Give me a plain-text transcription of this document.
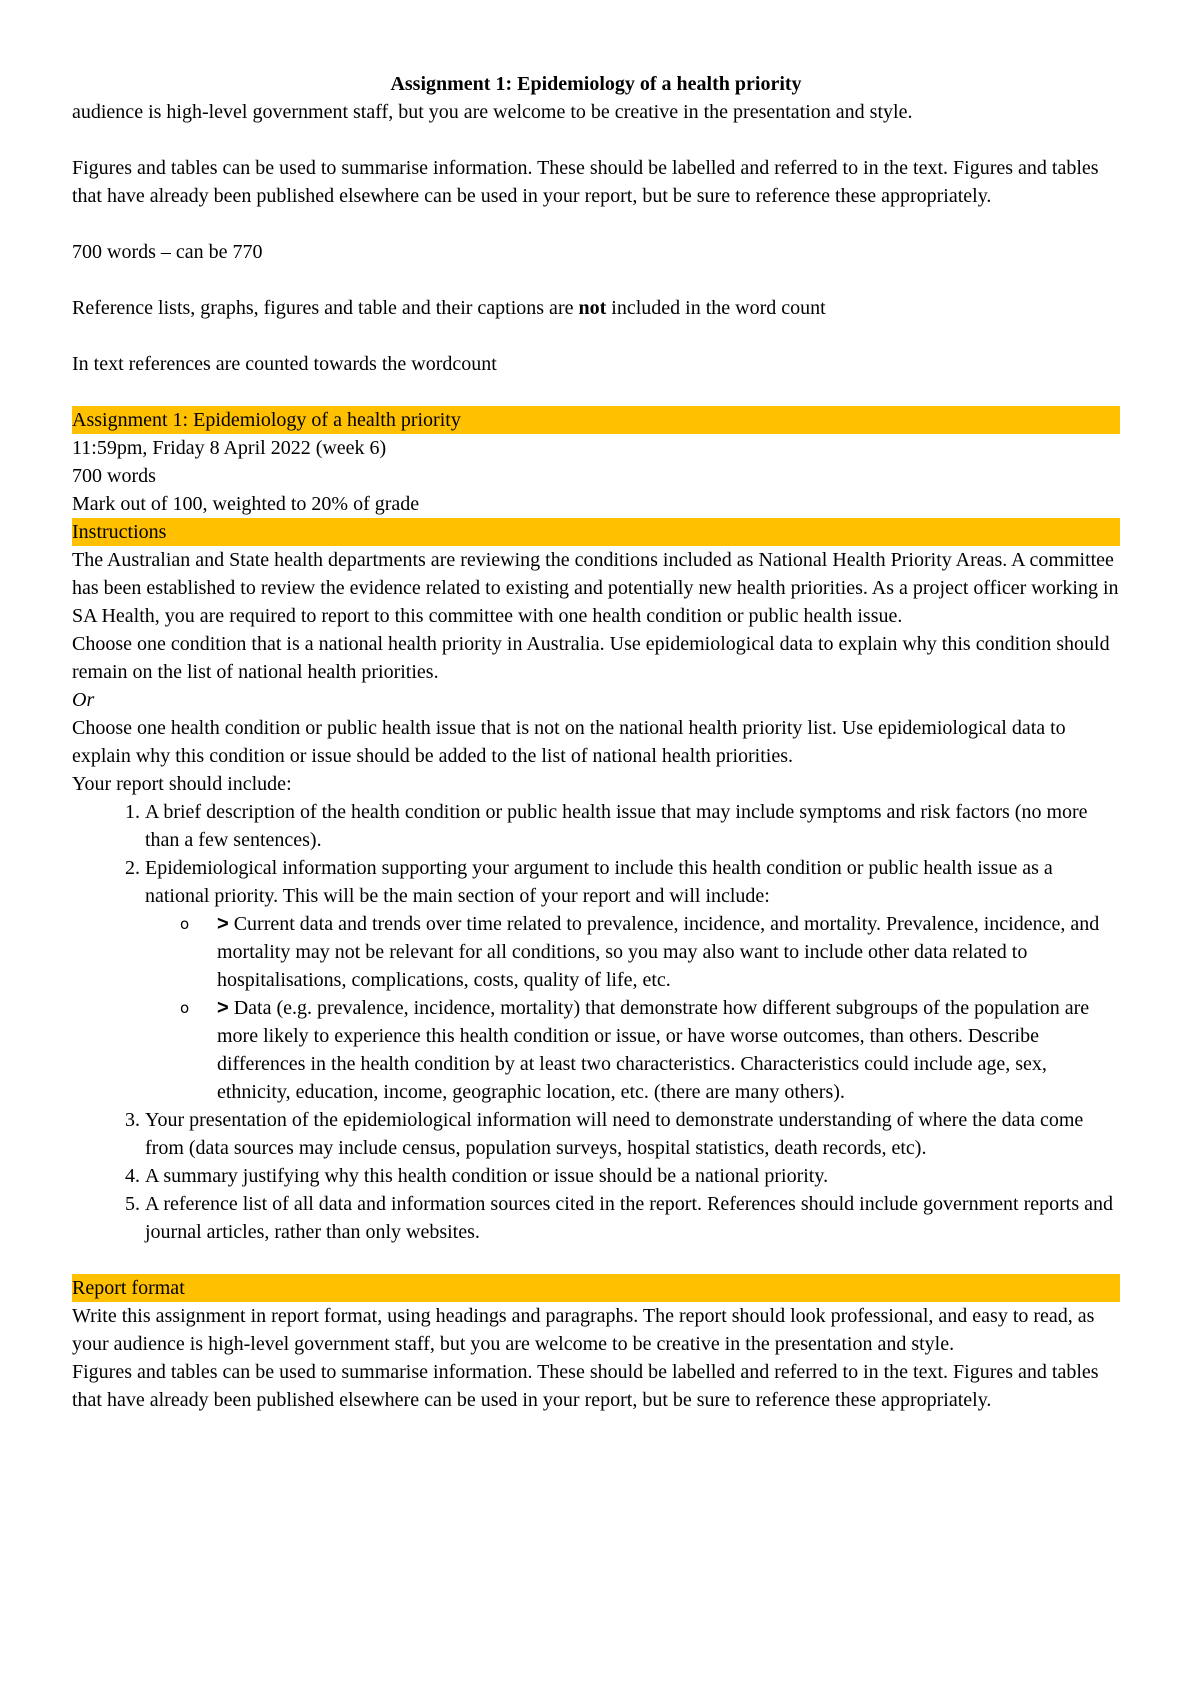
Assignment 1: Epidemiology of a health priority

audience is high-level government staff, but you are welcome to be creative in the presentation and style.

Figures and tables can be used to summarise information. These should be labelled and referred to in the text. Figures and tables that have already been published elsewhere can be used in your report, but be sure to reference these appropriately.

700 words – can be 770

Reference lists, graphs, figures and table and their captions are not included in the word count

In text references are counted towards the wordcount

Assignment 1: Epidemiology of a health priority

11:59pm, Friday 8 April 2022 (week 6)

700 words

Mark out of 100, weighted to 20% of grade

Instructions

The Australian and State health departments are reviewing the conditions included as National Health Priority Areas. A committee has been established to review the evidence related to existing and potentially new health priorities. As a project officer working in SA Health, you are required to report to this committee with one health condition or public health issue.

Choose one condition that is a national health priority in Australia. Use epidemiological data to explain why this condition should remain on the list of national health priorities.

Or

Choose one health condition or public health issue that is not on the national health priority list. Use epidemiological data to explain why this condition or issue should be added to the list of national health priorities.

Your report should include:

1. A brief description of the health condition or public health issue that may include symptoms and risk factors (no more than a few sentences).
2. Epidemiological information supporting your argument to include this health condition or public health issue as a national priority. This will be the main section of your report and will include:
o > Current data and trends over time related to prevalence, incidence, and mortality. Prevalence, incidence, and mortality may not be relevant for all conditions, so you may also want to include other data related to hospitalisations, complications, costs, quality of life, etc.
o > Data (e.g. prevalence, incidence, mortality) that demonstrate how different subgroups of the population are more likely to experience this health condition or issue, or have worse outcomes, than others. Describe differences in the health condition by at least two characteristics. Characteristics could include age, sex, ethnicity, education, income, geographic location, etc. (there are many others).
3. Your presentation of the epidemiological information will need to demonstrate understanding of where the data come from (data sources may include census, population surveys, hospital statistics, death records, etc).
4. A summary justifying why this health condition or issue should be a national priority.
5. A reference list of all data and information sources cited in the report. References should include government reports and journal articles, rather than only websites.
Report format

Write this assignment in report format, using headings and paragraphs. The report should look professional, and easy to read, as your audience is high-level government staff, but you are welcome to be creative in the presentation and style.

Figures and tables can be used to summarise information. These should be labelled and referred to in the text. Figures and tables that have already been published elsewhere can be used in your report, but be sure to reference these appropriately.
